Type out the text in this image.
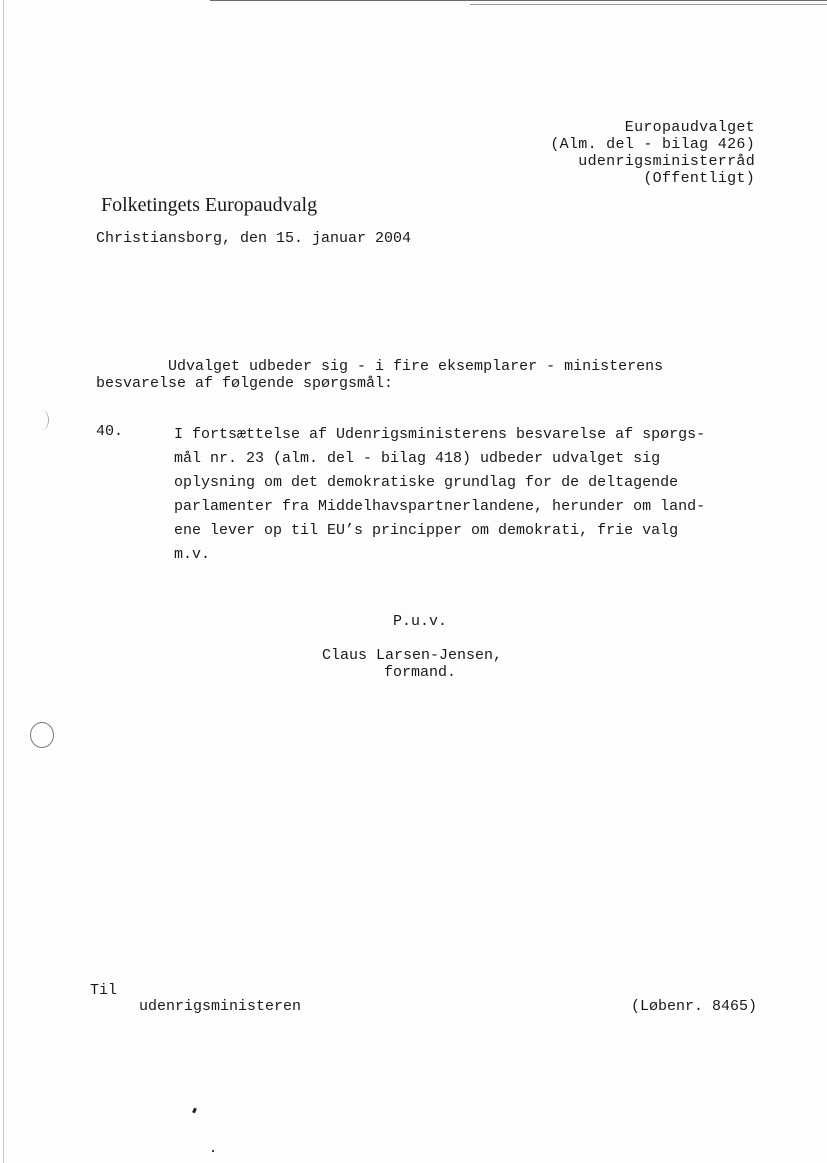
Europaudvalget
(Alm. del - bilag 426)
udenrigsministerråd
(Offentligt)
Folketingets Europaudvalg
Christiansborg, den 15. januar 2004
Udvalget udbeder sig - i fire eksemplarer - ministerens
besvarelse af følgende spørgsmål:
40.	I fortsættelse af Udenrigsministerens besvarelse af spørgs-
mål nr. 23 (alm. del - bilag 418) udbeder udvalget sig
oplysning om det demokratiske grundlag for de deltagende
parlamenter fra Middelhavspartnerlandene, herunder om land-
ene lever op til EU’s principper om demokrati, frie valg
m.v.
P.u.v.
Claus Larsen-Jensen,
formand.
Til
udenrigsministeren	(Løbenr. 8465)
